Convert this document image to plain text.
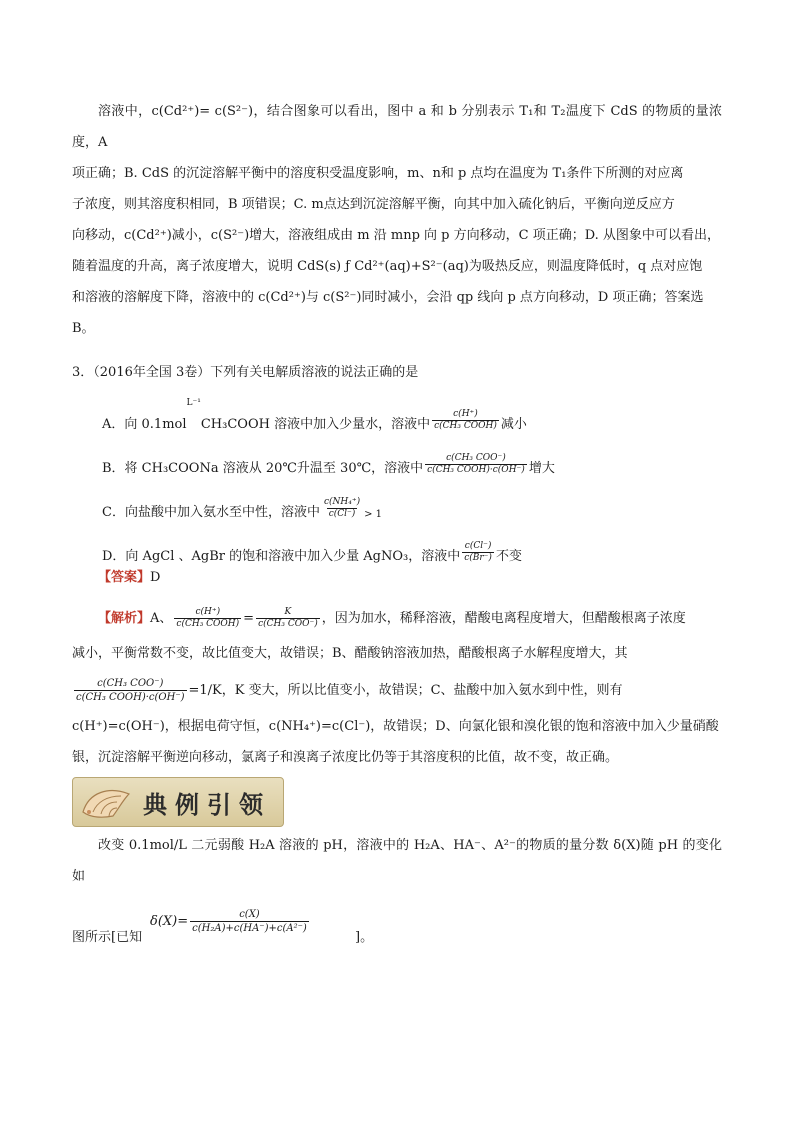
溶液中，c(Cd²⁺)= c(S²⁻)，结合图象可以看出，图中 a 和 b 分别表示 T₁和 T₂温度下 CdS 的物质的量浓度，A

项正确；B. CdS 的沉淀溶解平衡中的溶度积受温度影响，m、n和 p 点均在温度为 T₁条件下所测的对应离

子浓度，则其溶度积相同，B 项错误；C. m点达到沉淀溶解平衡，向其中加入硫化钠后，平衡向逆反应方

向移动，c(Cd²⁺)减小，c(S²⁻)增大，溶液组成由 m 沿 mnp 向 p 方向移动，C 项正确；D. 从图象中可以看出，

随着温度的升高，离子浓度增大，说明 CdS(s) ƒ Cd²⁺(aq)+S²⁻(aq)为吸热反应，则温度降低时，q 点对应饱

和溶液的溶解度下降，溶液中的 c(Cd²⁺)与 c(S²⁻)同时减小，会沿 qp 线向 p 点方向移动，D 项正确；答案选

B。

3．（2016年全国 3卷）下列有关电解质溶液的说法正确的是

A．向 0.1mol
L⁻¹
CH₃COOH 溶液中加入少量水，溶液中 $\frac{c(H^+)}{\text{c(CH₃ COOH)}}$ 减小
B．将 CH₃COONa 溶液从 20℃升温至 30℃，溶液中 $\frac{\text{c(CH₃ COO⁻)}}{\text{c(CH₃ COOH)·c(OH⁻)}}$ 增大
C．向盐酸中加入氨水至中性，溶液中 $\frac{\text{c(NH₄⁺)}}{c(Cl^-)} > 1$
D．向 AgCl 、AgBr 的饱和溶液中加入少量 AgNO₃，溶液中 $\frac{c(Cl^-)}{c(Br^-)}$ 不变

【答案】D

【解析】 A、 $\frac{c(H^+)}{\text{c(CH₃ COOH)}} = \frac{K}{\text{c(CH₃ COO⁻)}}$ ，因为加水，稀释溶液，醋酸电离程度增大，但醋酸根离子浓度

减小，平衡常数不变，故比值变大，故错误；B、醋酸钠溶液加热，醋酸根离子水解程度增大，其

$\frac{\text{c(CH₃ COO⁻)}}{\text{c(CH₃ COOH)·c(OH⁻)}} =1/K$，K 变大，所以比值变小，故错误；C、盐酸中加入氨水到中性，则有

c(H⁺)=c(OH⁻)，根据电荷守恒，c(NH₄⁺)=c(Cl⁻)，故错误；D、向氯化银和溴化银的饱和溶液中加入少量硝酸

银，沉淀溶解平衡逆向移动，氯离子和溴离子浓度比仍等于其溶度积的比值，故不变，故正确。

典例引领

改变 0.1mol/L 二元弱酸 H₂A 溶液的 pH，溶液中的 H₂A、HA⁻、A²⁻的物质的量分数 δ(X)随 pH 的变化如

图所示[已知
$\delta(X)= \frac{c(X)}{\text{c(H₂A)+c(HA⁻)+c(A²⁻)}}$
]。
